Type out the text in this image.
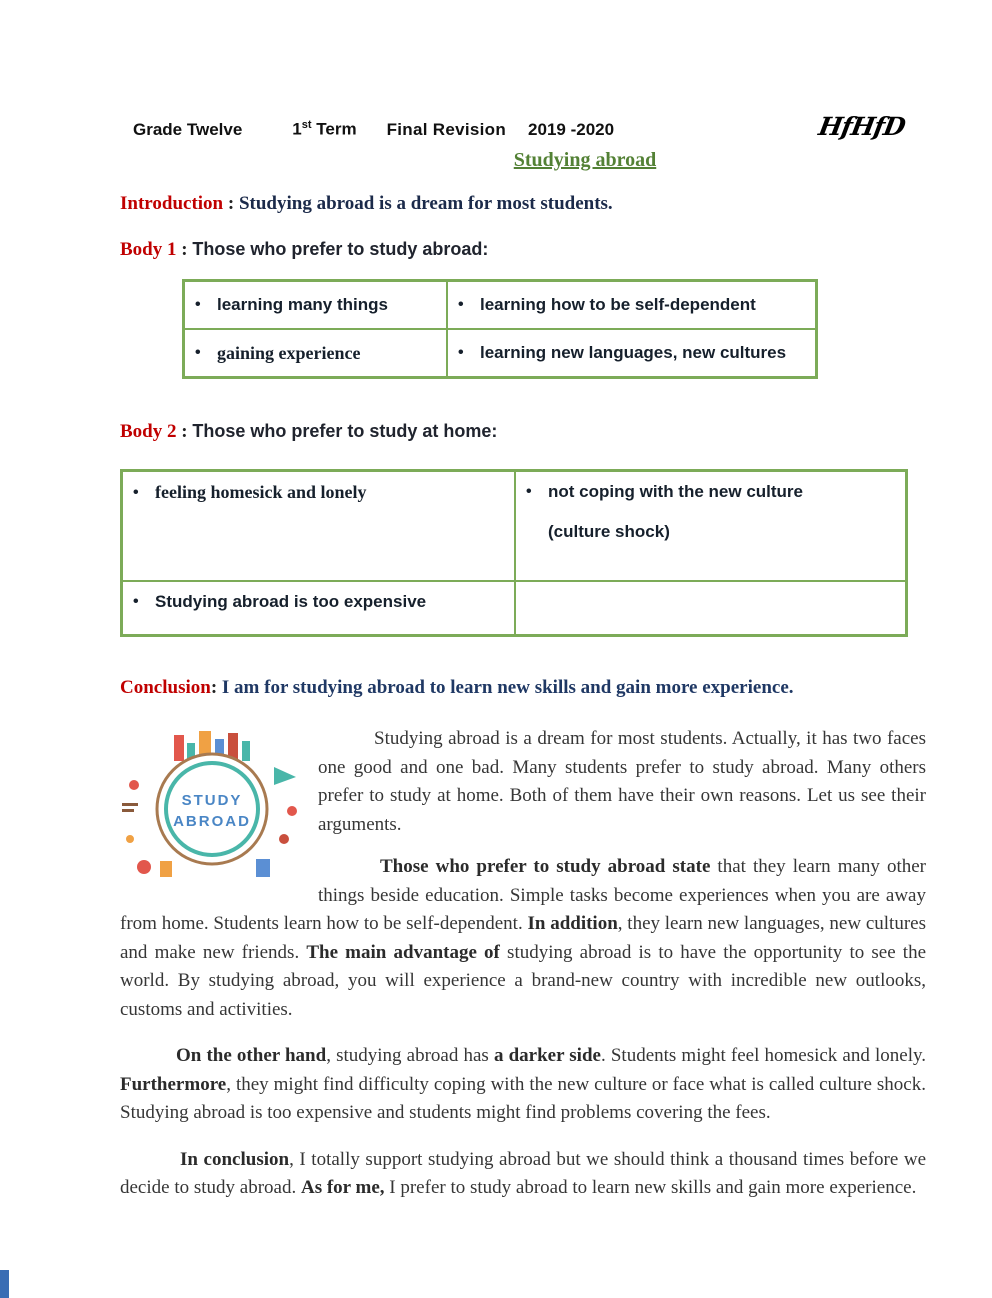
Grade Twelve	1st Term Final Revision 2019 -2020	HfHfD
Studying abroad
Introduction : Studying abroad is a dream for most students.
Body 1 : Those who prefer to study abroad:
• learning many things	• learning how to be self-dependent

• gaining experience	• learning new languages, new cultures
Body 2 : Those who prefer to study at home:
• feeling homesick and lonely	• not coping with the new culture
(culture shock)

• Studying abroad is too expensive	

Conclusion: I am for studying abroad to learn new skills and gain more experience.
STUDY
ABROAD

Studying abroad is a dream for most students. Actually, it has two faces one good and one bad. Many students prefer to study abroad. Many others prefer to study at home. Both of them have their own reasons. Let us see their arguments.

Those who prefer to study abroad state that they learn many other things beside education. Simple tasks become experiences when you are away from home. Students learn how to be self-dependent. In addition, they learn new languages, new cultures and make new friends. The main advantage of studying abroad is to have the opportunity to see the world. By studying abroad, you will experience a brand-new country with incredible new outlooks, customs and activities.

On the other hand, studying abroad has a darker side. Students might feel homesick and lonely. Furthermore, they might find difficulty coping with the new culture or face what is called culture shock. Studying abroad is too expensive and students might find problems covering the fees.

In conclusion, I totally support studying abroad but we should think a thousand times before we decide to study abroad. As for me, I prefer to study abroad to learn new skills and gain more experience.
